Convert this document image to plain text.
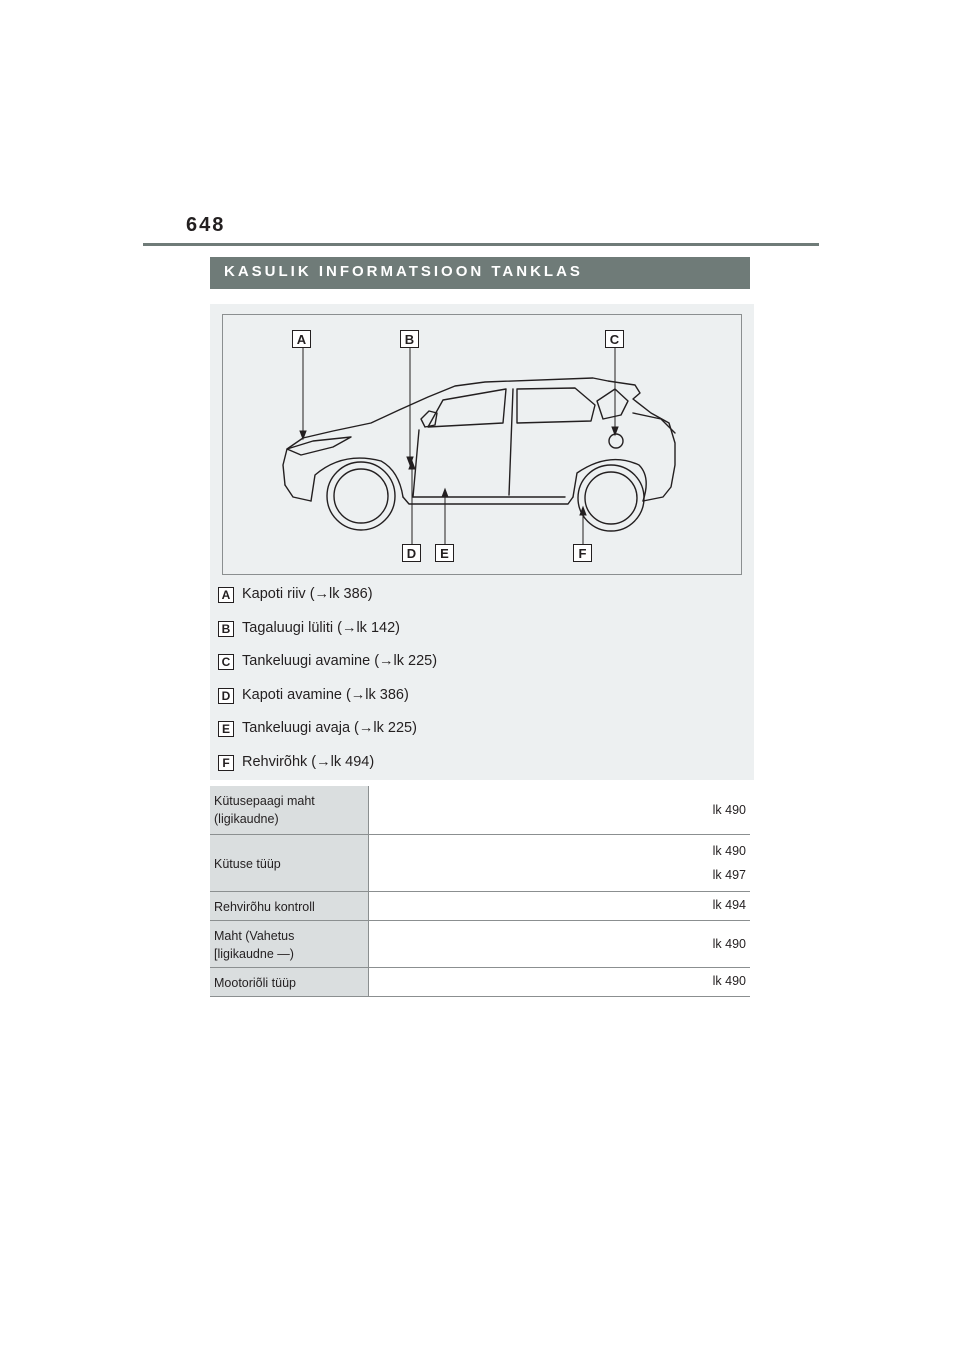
648
KASULIK INFORMATSIOON TANKLAS
A	B	C
D	E	F
A Kapoti riiv (→lk 386)
B Tagaluugi lüliti (→lk 142)
C Tankeluugi avamine (→lk 225)
D Kapoti avamine (→lk 386)
E Tankeluugi avaja (→lk 225)
F Rehvirõhk (→lk 494)
Kütusepaagi maht
(ligikaudne)	lk 490

Kütuse tüüp	lk 490
lk 497

Rehvirõhu kontroll	lk 494

Maht (Vahetus
[ligikaudne —)	lk 490

Mootoriõli tüüp	lk 490
